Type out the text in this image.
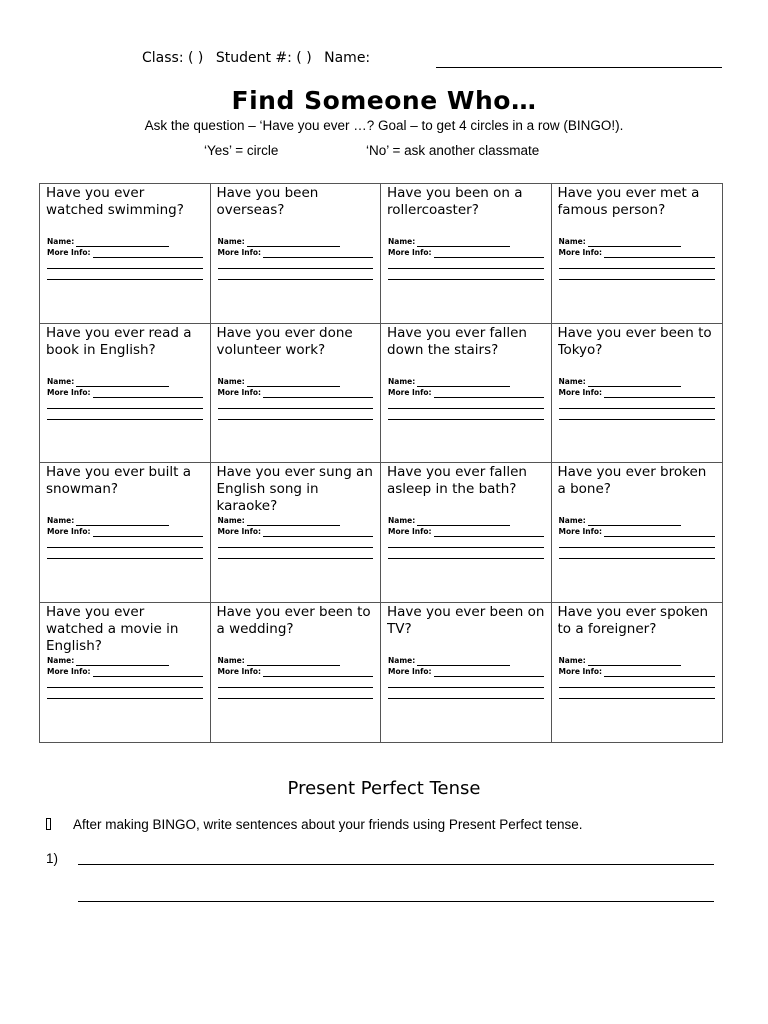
Class: ( ) Student #: ( ) Name:
Find Someone Who…
Ask the question – ‘Have you ever …? Goal – to get 4 circles in a row (BINGO!).
‘Yes’ = circle	‘No’ = ask another classmate
Have you ever watched swimming?
Name:
More Info:
Have you been overseas?
Name:
More Info:
Have you been on a rollercoaster?
Name:
More Info:
Have you ever met a famous person?
Name:
More Info:
Have you ever read a book in English?
Name:
More Info:
Have you ever done volunteer work?
Name:
More Info:
Have you ever fallen down the stairs?
Name:
More Info:
Have you ever been to Tokyo?
Name:
More Info:
Have you ever built a snowman?
Name:
More Info:
Have you ever sung an English song in karaoke?
Name:
More Info:
Have you ever fallen asleep in the bath?
Name:
More Info:
Have you ever broken a bone?
Name:
More Info:
Have you ever watched a movie in English?
Name:
More Info:
Have you ever been to a wedding?
Name:
More Info:
Have you ever been on TV?
Name:
More Info:
Have you ever spoken to a foreigner?
Name:
More Info:
Present Perfect Tense
After making BINGO, write sentences about your friends using Present Perfect tense.
1)
